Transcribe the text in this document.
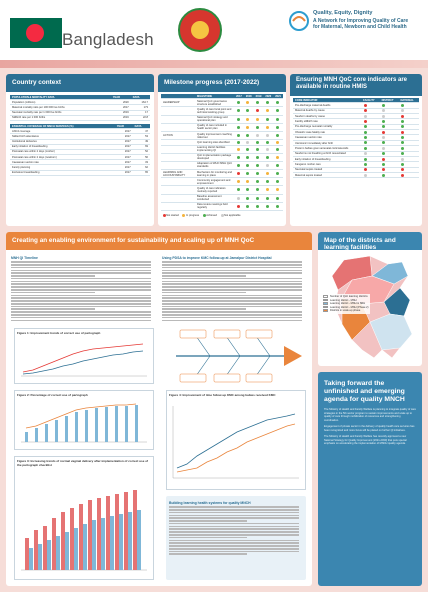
Bangladesh
Quality, Equity, Dignity
A Network for Improving Quality of Care
for Maternal, Newborn and Child Health
Country context
POPULATION & MORTALITY DATA	YEAR	DATA
Population (millions)	2020	164.7
Maternal mortality ratio per 100 000 live births	2017	173
Neonatal mortality rate per 1 000 live births	2019	17
Stillbirth rate per 1 000 births	2019	22.8
ESSENTIAL COVERAGE OF MNCH SERVICES (%)	YEAR	DATA
ANC4 coverage	2017	47
Skilled birth attendance	2017	53
Institutional deliveries	2017	49
Early initiation of breastfeeding	2017	69
Postnatal care within 2 days (mother)	2017	52
Postnatal care within 2 days (newborn)	2017	56
Caesarean section rate	2017	33
Family planning	2017	62
Exclusive breastfeeding	2017	65
Milestone progress (2017-2022)
	MILESTONE	2017	2018	2019	2020	2021
LEADERSHIP	National QoC governance structure established					
	Quality of care focal point and technical working group					
	National QoC strategy and operational plan					
	Quality of care included in health sector plan					
ACTION	Quality improvement coaching rolled out					
	QoC learning sites identified					
	Learning district facilities implementing QI					
	QoC implementation package developed					
	Adaptation of WHO MNH QoC standards					
LEARNING AND ACCOUNTABILITY	Mechanism for monitoring and learning in place					
	Community engagement and empowerment					
	Quality of care indicators routinely reported					
	Baseline assessment conducted					
	Data review meetings held regularly					
Not started	In progress	Achieved	Not applicable
Ensuring MNH QoC core indicators are available in routine HMIS
CORE INDICATOR	FACILITY	DISTRICT	NATIONAL
Pre-discharge maternal deaths			
Maternal deaths by cause			
Newborn deaths by cause			
Facility stillbirth rate			
Pre-discharge neonatal mortality			
Obstetric case fatality rate			
Caesarean section rate			
Uterotonic immediately after birth			
Preterm babies given antenatal corticosteroids			
Newborns not breathing at birth resuscitated			
Early initiation of breastfeeding			
Kangaroo mother care			
Neonatal sepsis treated			
Maternal sepsis treated			
Creating an enabling environment for sustainability and scaling up of MNH QoC
MNH QI Timeline	Using PDSA to improve KMC follow-up at Jamalpur District Hospital
Figure 1: Improvement trends of correct use of partograph
Figure 2: Percentage of correct use of partograph
Figure 3: Increasing trends of normal vaginal delivery after implementation of correct use of the partograph checklist
Figure 4: Improvement of time follow-up KMC among babies received KMC
Building learning health systems for quality MNCH
Map of the districts and learning facilities
Number of QoC learning districts
Learning district - MNH
Learning district - MNH & SRH
Learning district - MNH (Phase 2)
Districts in scale-up phase
Taking forward the unfinished and emerging agenda for quality MNCH
The Ministry of Health and Family Welfare is planning to integrate quality of care strategies in the 5th sector program to sustain improvements and scale up to quality of care through mobilization of resources and strengthening coordination.
Engagement of private sector in the delivery of quality health care services has been recognized and more focus will be placed on further QI initiatives.
The Ministry of Health and Family Welfare has recently approved a new National Strategy for Quality Improvement (2021-2030) that puts special emphasis on accelerating the implementation of MNCH quality agenda.
